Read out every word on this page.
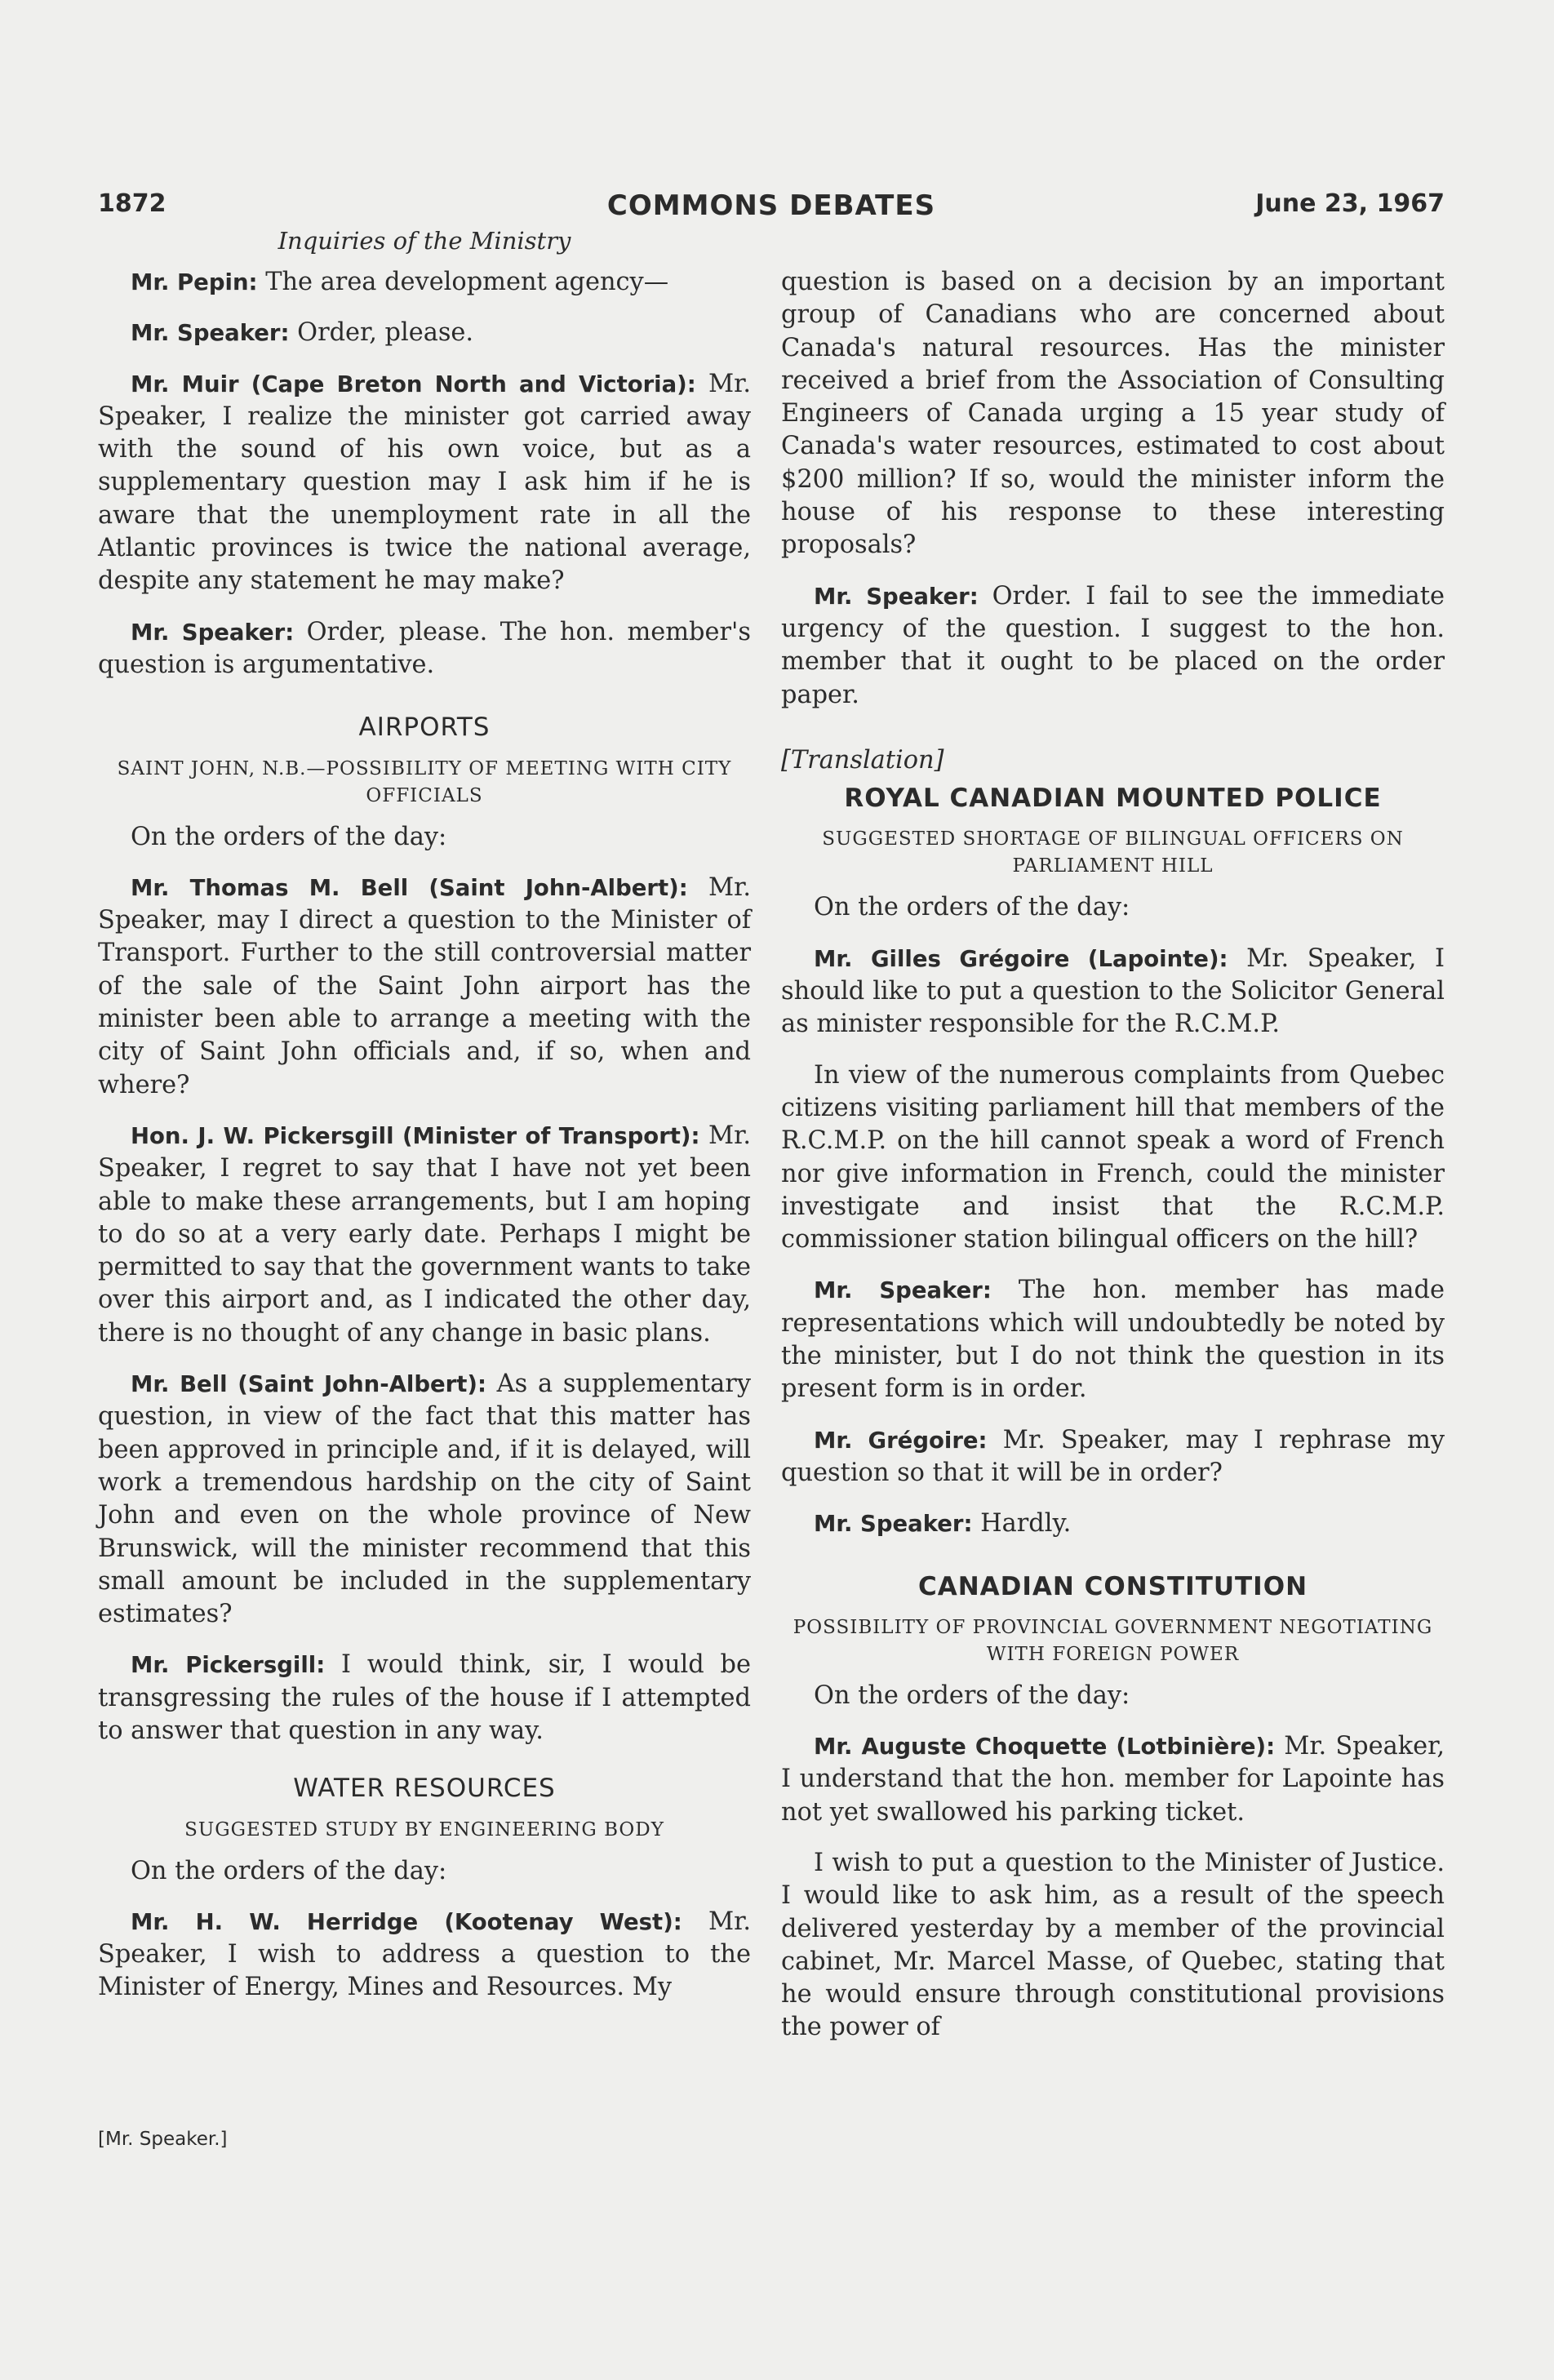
1872	COMMONS DEBATES	June 23, 1967
Inquiries of the Ministry

Mr. Pepin: The area development agency—

Mr. Speaker: Order, please.

Mr. Muir (Cape Breton North and Victoria): Mr. Speaker, I realize the minister got carried away with the sound of his own voice, but as a supplementary question may I ask him if he is aware that the unemployment rate in all the Atlantic provinces is twice the national average, despite any statement he may make?

Mr. Speaker: Order, please. The hon. member's question is argumentative.

AIRPORTS
SAINT JOHN, N.B.—POSSIBILITY OF MEETING WITH CITY OFFICIALS

On the orders of the day:

Mr. Thomas M. Bell (Saint John-Albert): Mr. Speaker, may I direct a question to the Minister of Transport. Further to the still controversial matter of the sale of the Saint John airport has the minister been able to arrange a meeting with the city of Saint John officials and, if so, when and where?

Hon. J. W. Pickersgill (Minister of Transport): Mr. Speaker, I regret to say that I have not yet been able to make these arrangements, but I am hoping to do so at a very early date. Perhaps I might be permitted to say that the government wants to take over this airport and, as I indicated the other day, there is no thought of any change in basic plans.

Mr. Bell (Saint John-Albert): As a supplementary question, in view of the fact that this matter has been approved in principle and, if it is delayed, will work a tremendous hardship on the city of Saint John and even on the whole province of New Brunswick, will the minister recommend that this small amount be included in the supplementary estimates?

Mr. Pickersgill: I would think, sir, I would be transgressing the rules of the house if I attempted to answer that question in any way.

WATER RESOURCES
SUGGESTED STUDY BY ENGINEERING BODY

On the orders of the day:

Mr. H. W. Herridge (Kootenay West): Mr. Speaker, I wish to address a question to the Minister of Energy, Mines and Resources. My

question is based on a decision by an important group of Canadians who are concerned about Canada's natural resources. Has the minister received a brief from the Association of Consulting Engineers of Canada urging a 15 year study of Canada's water resources, estimated to cost about $200 million? If so, would the minister inform the house of his response to these interesting proposals?

Mr. Speaker: Order. I fail to see the immediate urgency of the question. I suggest to the hon. member that it ought to be placed on the order paper.

[Translation]

ROYAL CANADIAN MOUNTED POLICE
SUGGESTED SHORTAGE OF BILINGUAL OFFICERS ON PARLIAMENT HILL

On the orders of the day:

Mr. Gilles Grégoire (Lapointe): Mr. Speaker, I should like to put a question to the Solicitor General as minister responsible for the R.C.M.P.

In view of the numerous complaints from Quebec citizens visiting parliament hill that members of the R.C.M.P. on the hill cannot speak a word of French nor give information in French, could the minister investigate and insist that the R.C.M.P. commissioner station bilingual officers on the hill?

Mr. Speaker: The hon. member has made representations which will undoubtedly be noted by the minister, but I do not think the question in its present form is in order.

Mr. Grégoire: Mr. Speaker, may I rephrase my question so that it will be in order?

Mr. Speaker: Hardly.

CANADIAN CONSTITUTION
POSSIBILITY OF PROVINCIAL GOVERNMENT NEGOTIATING WITH FOREIGN POWER

On the orders of the day:

Mr. Auguste Choquette (Lotbinière): Mr. Speaker, I understand that the hon. member for Lapointe has not yet swallowed his parking ticket.

I wish to put a question to the Minister of Justice. I would like to ask him, as a result of the speech delivered yesterday by a member of the provincial cabinet, Mr. Marcel Masse, of Quebec, stating that he would ensure through constitutional provisions the power of

[Mr. Speaker.]
